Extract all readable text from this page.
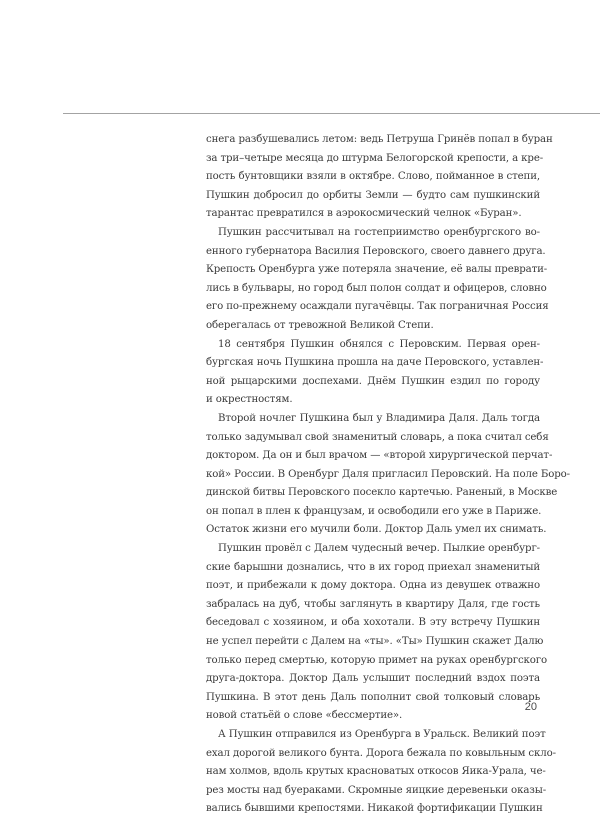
снега разбушевались летом: ведь Петруша Гринёв попал в буран
за три–четыре месяца до штурма Белогорской крепости, а кре-
пость бунтовщики взяли в октябре. Слово, пойманное в степи,
Пушкин добросил до орбиты Земли — будто сам пушкинский
тарантас превратился в аэрокосмический челнок «Буран».

Пушкин рассчитывал на гостеприимство оренбургского во-
енного губернатора Василия Перовского, своего давнего друга.
Крепость Оренбурга уже потеряла значение, её валы преврати-
лись в бульвары, но город был полон солдат и офицеров, словно
его по-прежнему осаждали пугачёвцы. Так пограничная Россия
оберегалась от тревожной Великой Степи.

18 сентября Пушкин обнялся с Перовским. Первая орен-
бургская ночь Пушкина прошла на даче Перовского, уставлен-
ной рыцарскими доспехами. Днём Пушкин ездил по городу
и окрестностям.

Второй ночлег Пушкина был у Владимира Даля. Даль тогда
только задумывал свой знаменитый словарь, а пока считал себя
доктором. Да он и был врачом — «второй хирургической перчат-
кой» России. В Оренбург Даля пригласил Перовский. На поле Боро-
динской битвы Перовского посекло картечью. Раненый, в Москве
он попал в плен к французам, и освободили его уже в Париже.
Остаток жизни его мучили боли. Доктор Даль умел их снимать.

Пушкин провёл с Далем чудесный вечер. Пылкие оренбург-
ские барышни дознались, что в их город приехал знаменитый
поэт, и прибежали к дому доктора. Одна из девушек отважно
забралась на дуб, чтобы заглянуть в квартиру Даля, где гость
беседовал с хозяином, и оба хохотали. В эту встречу Пушкин
не успел перейти с Далем на «ты». «Ты» Пушкин скажет Далю
только перед смертью, которую примет на руках оренбургского
друга-доктора. Доктор Даль услышит последний вздох поэта
Пушкина. В этот день Даль пополнит свой толковый словарь
новой статьёй о слове «бессмертие».

А Пушкин отправился из Оренбурга в Уральск. Великий поэт
ехал дорогой великого бунта. Дорога бежала по ковыльным скло-
нам холмов, вдоль крутых красноватых откосов Яика-Урала, че-
рез мосты над буераками. Скромные яицкие деревеньки оказы-
вались бывшими крепостями. Никакой фортификации Пушкин

20
